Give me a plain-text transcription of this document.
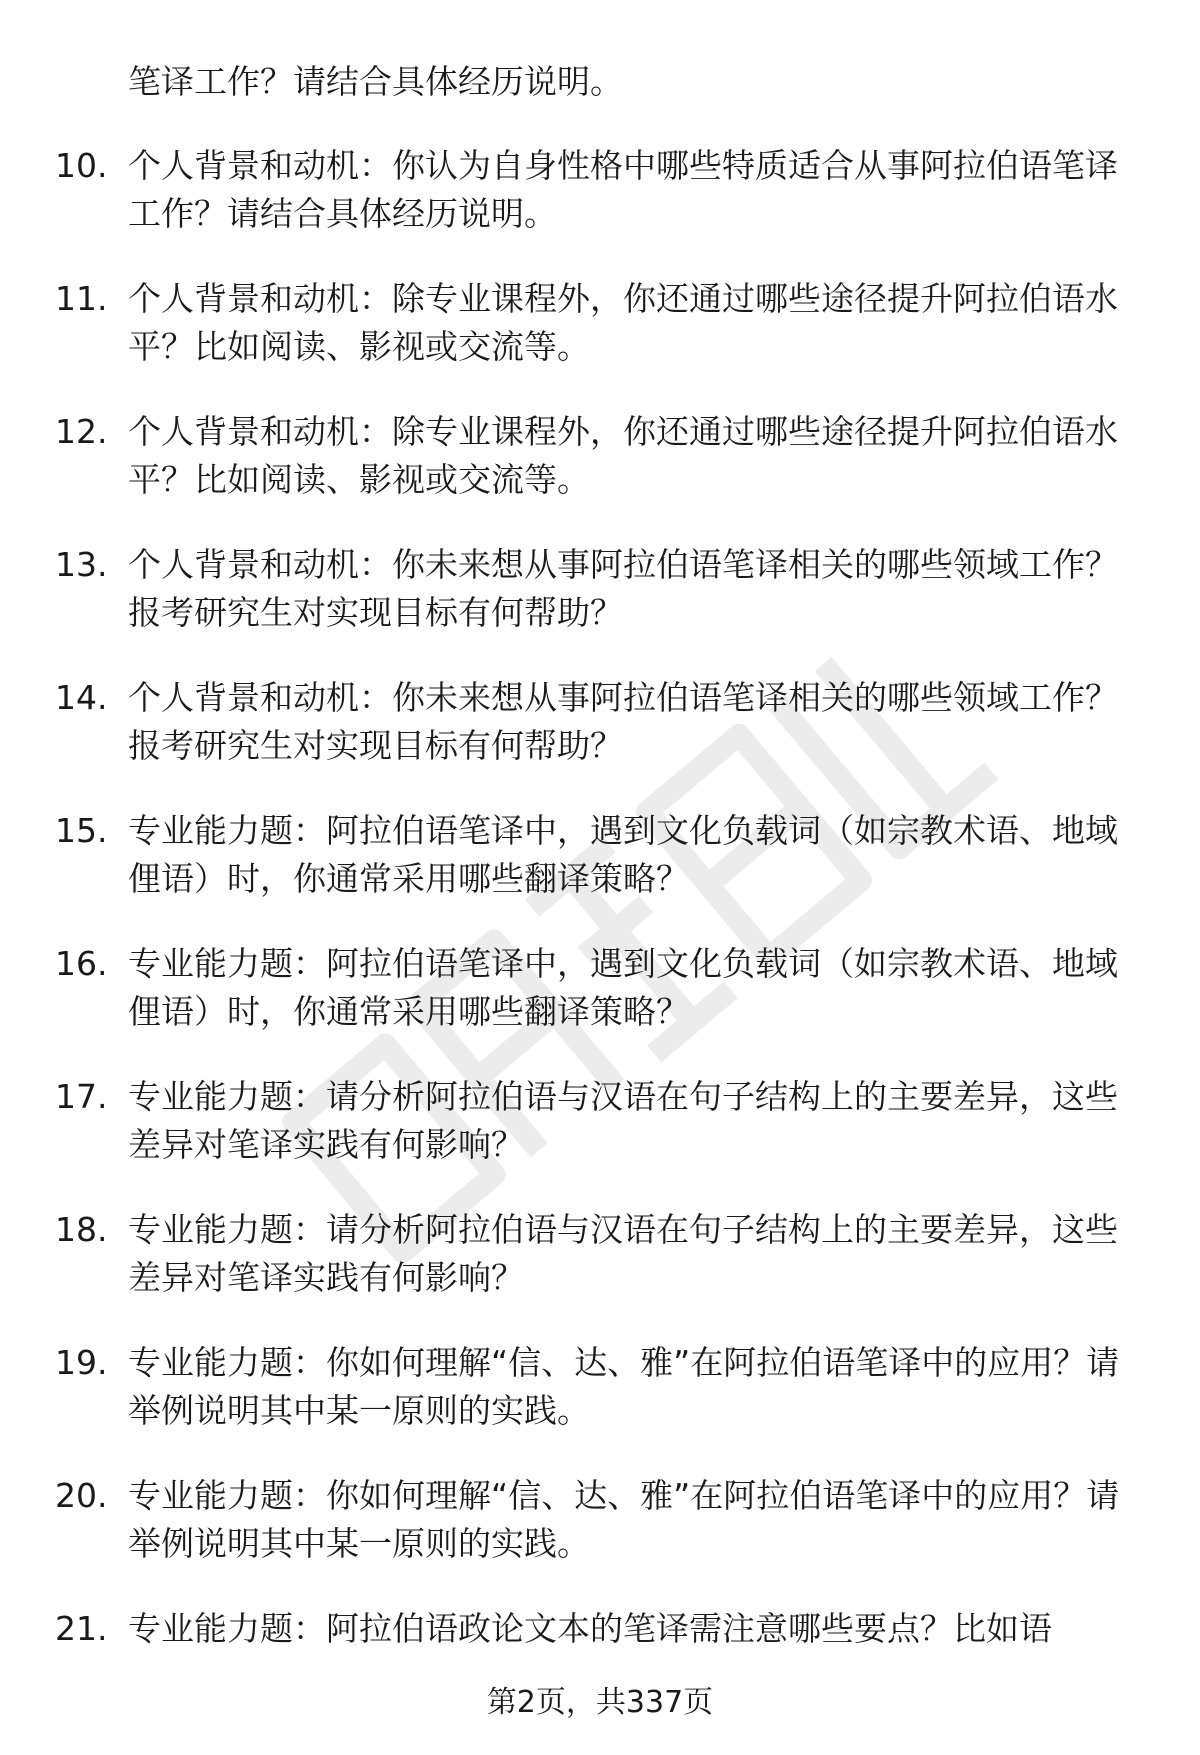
笔译工作？请结合具体经历说明。

10. 个人背景和动机：你认为自身性格中哪些特质适合从事阿拉伯语笔译工作？请结合具体经历说明。

11. 个人背景和动机：除专业课程外，你还通过哪些途径提升阿拉伯语水平？比如阅读、影视或交流等。

12. 个人背景和动机：除专业课程外，你还通过哪些途径提升阿拉伯语水平？比如阅读、影视或交流等。

13. 个人背景和动机：你未来想从事阿拉伯语笔译相关的哪些领域工作？报考研究生对实现目标有何帮助？

14. 个人背景和动机：你未来想从事阿拉伯语笔译相关的哪些领域工作？报考研究生对实现目标有何帮助？

15. 专业能力题：阿拉伯语笔译中，遇到文化负载词（如宗教术语、地域俚语）时，你通常采用哪些翻译策略？

16. 专业能力题：阿拉伯语笔译中，遇到文化负载词（如宗教术语、地域俚语）时，你通常采用哪些翻译策略？

17. 专业能力题：请分析阿拉伯语与汉语在句子结构上的主要差异，这些差异对笔译实践有何影响？

18. 专业能力题：请分析阿拉伯语与汉语在句子结构上的主要差异，这些差异对笔译实践有何影响？

19. 专业能力题：你如何理解“信、达、雅”在阿拉伯语笔译中的应用？请举例说明其中某一原则的实践。

20. 专业能力题：你如何理解“信、达、雅”在阿拉伯语笔译中的应用？请举例说明其中某一原则的实践。

21. 专业能力题：阿拉伯语政论文本的笔译需注意哪些要点？比如语

第2页，共337页
